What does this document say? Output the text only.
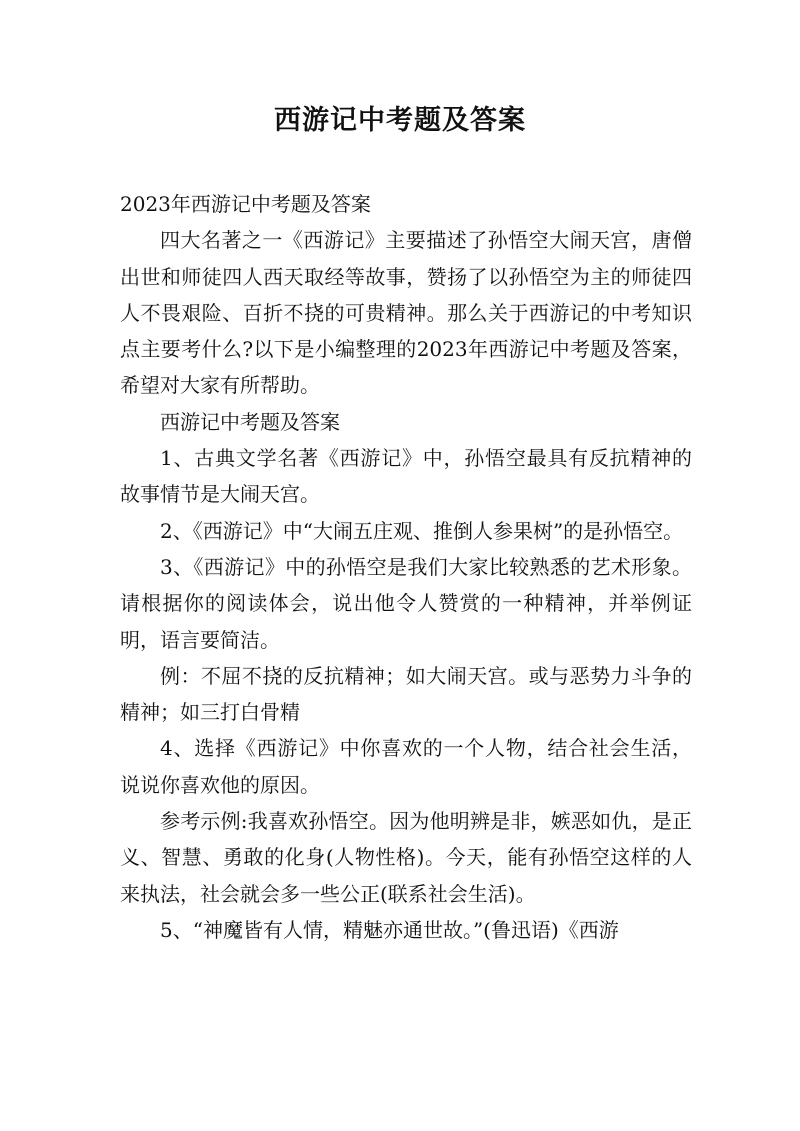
西游记中考题及答案

2023年西游记中考题及答案

四大名著之一《西游记》主要描述了孙悟空大闹天宫，唐僧出世和师徒四人西天取经等故事，赞扬了以孙悟空为主的师徒四人不畏艰险、百折不挠的可贵精神。那么关于西游记的中考知识点主要考什么?以下是小编整理的2023年西游记中考题及答案，希望对大家有所帮助。

西游记中考题及答案

1、古典文学名著《西游记》中，孙悟空最具有反抗精神的故事情节是大闹天宫。

2、《西游记》中“大闹五庄观、推倒人参果树”的是孙悟空。

3、《西游记》中的孙悟空是我们大家比较熟悉的艺术形象。请根据你的阅读体会，说出他令人赞赏的一种精神，并举例证明，语言要简洁。

例：不屈不挠的反抗精神；如大闹天宫。或与恶势力斗争的精神；如三打白骨精

4、选择《西游记》中你喜欢的一个人物，结合社会生活，说说你喜欢他的原因。

参考示例:我喜欢孙悟空。因为他明辨是非，嫉恶如仇，是正义、智慧、勇敢的化身(人物性格)。今天，能有孙悟空这样的人来执法，社会就会多一些公正(联系社会生活)。

5、“神魔皆有人情，精魅亦通世故。”(鲁迅语)《西游
